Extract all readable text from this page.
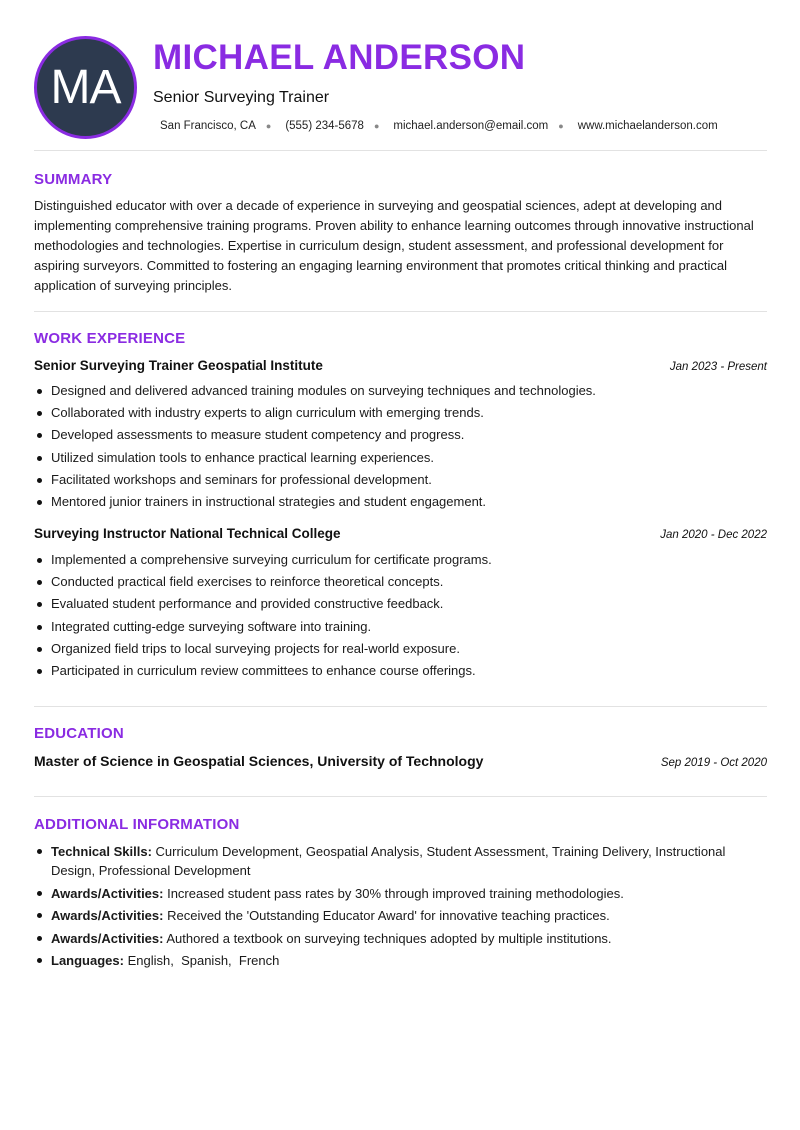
MA
MICHAEL ANDERSON
Senior Surveying Trainer
San Francisco, CA ● (555) 234-5678 ● michael.anderson@email.com ● www.michaelanderson.com
SUMMARY
Distinguished educator with over a decade of experience in surveying and geospatial sciences, adept at developing and implementing comprehensive training programs. Proven ability to enhance learning outcomes through innovative instructional methodologies and technologies. Expertise in curriculum design, student assessment, and professional development for aspiring surveyors. Committed to fostering an engaging learning environment that promotes critical thinking and practical application of surveying principles.
WORK EXPERIENCE
Senior Surveying Trainer Geospatial Institute	Jan 2023 - Present
Designed and delivered advanced training modules on surveying techniques and technologies.
Collaborated with industry experts to align curriculum with emerging trends.
Developed assessments to measure student competency and progress.
Utilized simulation tools to enhance practical learning experiences.
Facilitated workshops and seminars for professional development.
Mentored junior trainers in instructional strategies and student engagement.
Surveying Instructor National Technical College	Jan 2020 - Dec 2022
Implemented a comprehensive surveying curriculum for certificate programs.
Conducted practical field exercises to reinforce theoretical concepts.
Evaluated student performance and provided constructive feedback.
Integrated cutting-edge surveying software into training.
Organized field trips to local surveying projects for real-world exposure.
Participated in curriculum review committees to enhance course offerings.
EDUCATION
Master of Science in Geospatial Sciences, University of Technology	Sep 2019 - Oct 2020
ADDITIONAL INFORMATION
Technical Skills: Curriculum Development, Geospatial Analysis, Student Assessment, Training Delivery, Instructional Design, Professional Development
Awards/Activities: Increased student pass rates by 30% through improved training methodologies.
Awards/Activities: Received the 'Outstanding Educator Award' for innovative teaching practices.
Awards/Activities: Authored a textbook on surveying techniques adopted by multiple institutions.
Languages: English,  Spanish,  French
